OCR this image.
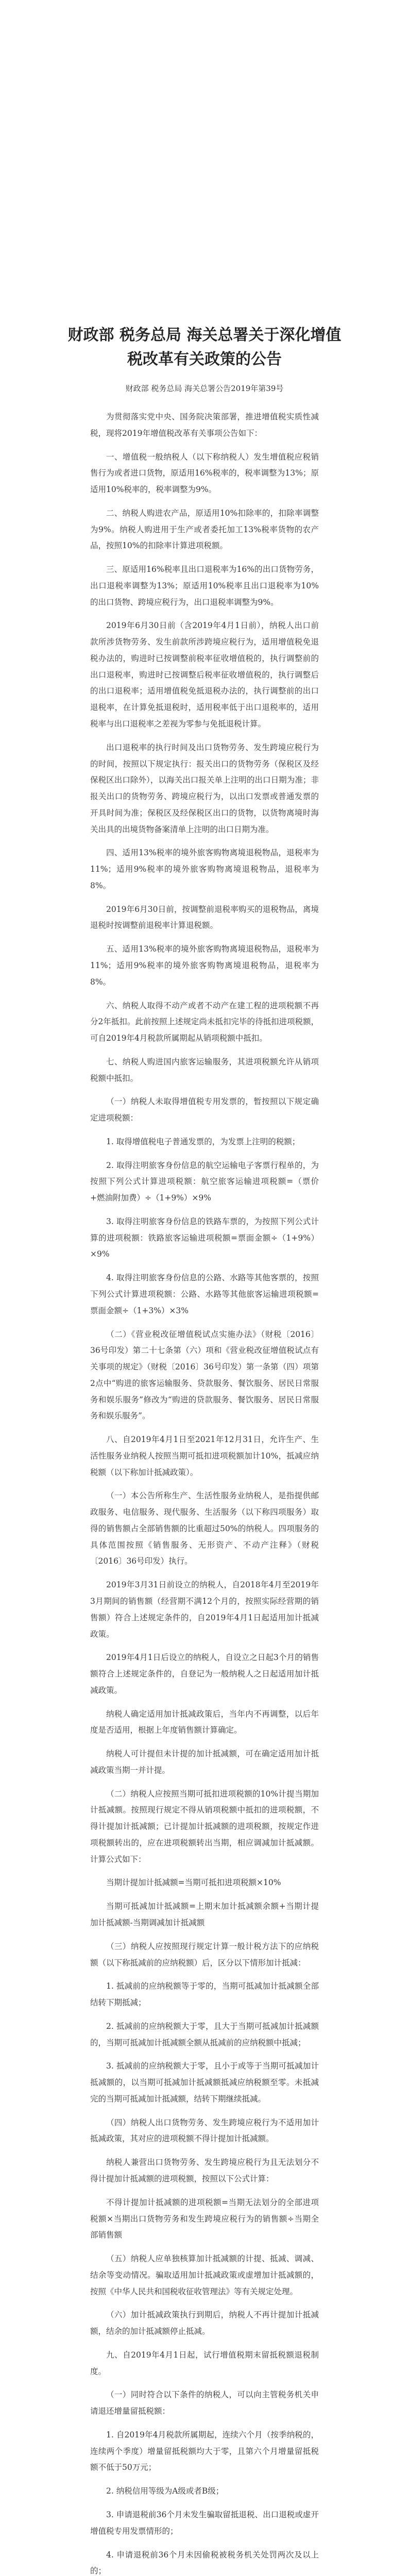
财政部 税务总局 海关总署关于深化增值
税改革有关政策的公告

财政部 税务总局 海关总署公告2019年第39号

为贯彻落实党中央、国务院决策部署，推进增值税实质性减税，现将2019年增值税改革有关事项公告如下：

一、增值税一般纳税人（以下称纳税人）发生增值税应税销售行为或者进口货物，原适用16%税率的，税率调整为13%；原适用10%税率的，税率调整为9%。

二、纳税人购进农产品，原适用10%扣除率的，扣除率调整为9%。纳税人购进用于生产或者委托加工13%税率货物的农产品，按照10%的扣除率计算进项税额。

三、原适用16%税率且出口退税率为16%的出口货物劳务，出口退税率调整为13%；原适用10%税率且出口退税率为10%的出口货物、跨境应税行为，出口退税率调整为9%。

2019年6月30日前（含2019年4月1日前），纳税人出口前款所涉货物劳务、发生前款所涉跨境应税行为，适用增值税免退税办法的，购进时已按调整前税率征收增值税的，执行调整前的出口退税率，购进时已按调整后税率征收增值税的，执行调整后的出口退税率；适用增值税免抵退税办法的，执行调整前的出口退税率，在计算免抵退税时，适用税率低于出口退税率的，适用税率与出口退税率之差视为零参与免抵退税计算。

出口退税率的执行时间及出口货物劳务、发生跨境应税行为的时间，按照以下规定执行：报关出口的货物劳务（保税区及经保税区出口除外），以海关出口报关单上注明的出口日期为准；非报关出口的货物劳务、跨境应税行为，以出口发票或普通发票的开具时间为准；保税区及经保税区出口的货物，以货物离境时海关出具的出境货物备案清单上注明的出口日期为准。

四、适用13%税率的境外旅客购物离境退税物品，退税率为11%；适用9%税率的境外旅客购物离境退税物品，退税率为8%。

2019年6月30日前，按调整前退税率购买的退税物品，离境退税时按调整前退税率计算退税额。

五、适用13%税率的境外旅客购物离境退税物品，退税率为11%；适用9%税率的境外旅客购物离境退税物品，退税率为8%。

六、纳税人取得不动产或者不动产在建工程的进项税额不再分2年抵扣。此前按照上述规定尚未抵扣完毕的待抵扣进项税额，可自2019年4月税款所属期起从销项税额中抵扣。

七、纳税人购进国内旅客运输服务，其进项税额允许从销项税额中抵扣。

（一）纳税人未取得增值税专用发票的，暂按照以下规定确定进项税额：

1. 取得增值税电子普通发票的，为发票上注明的税额；

2. 取得注明旅客身份信息的航空运输电子客票行程单的，为按照下列公式计算进项税额：航空旅客运输进项税额=（票价+燃油附加费）÷（1+9%）×9%

3. 取得注明旅客身份信息的铁路车票的，为按照下列公式计算的进项税额：铁路旅客运输进项税额=票面金额÷（1+9%）×9%

4. 取得注明旅客身份信息的公路、水路等其他客票的，按照下列公式计算进项税额：公路、水路等其他旅客运输进项税额=票面金额÷（1+3%）×3%

（二）《营业税改征增值税试点实施办法》（财税〔2016〕36号印发）第二十七条第（六）项和《营业税改征增值税试点有关事项的规定》（财税〔2016〕36号印发）第一条第（四）项第2点中“购进的旅客运输服务、贷款服务、餐饮服务、居民日常服务和娱乐服务”修改为“购进的贷款服务、餐饮服务、居民日常服务和娱乐服务”。

八、自2019年4月1日至2021年12月31日，允许生产、生活性服务业纳税人按照当期可抵扣进项税额加计10%，抵减应纳税额（以下称加计抵减政策）。

（一）本公告所称生产、生活性服务业纳税人，是指提供邮政服务、电信服务、现代服务、生活服务（以下称四项服务）取得的销售额占全部销售额的比重超过50%的纳税人。四项服务的具体范围按照《销售服务、无形资产、不动产注释》（财税〔2016〕36号印发）执行。

2019年3月31日前设立的纳税人，自2018年4月至2019年3月期间的销售额（经营期不满12个月的，按照实际经营期的销售额）符合上述规定条件的，自2019年4月1日起适用加计抵减政策。

2019年4月1日后设立的纳税人，自设立之日起3个月的销售额符合上述规定条件的，自登记为一般纳税人之日起适用加计抵减政策。

纳税人确定适用加计抵减政策后，当年内不再调整，以后年度是否适用，根据上年度销售额计算确定。

纳税人可计提但未计提的加计抵减额，可在确定适用加计抵减政策当期一并计提。

（二）纳税人应按照当期可抵扣进项税额的10%计提当期加计抵减额。按照现行规定不得从销项税额中抵扣的进项税额，不得计提加计抵减额；已计提加计抵减额的进项税额，按规定作进项税额转出的，应在进项税额转出当期，相应调减加计抵减额。计算公式如下：

当期计提加计抵减额=当期可抵扣进项税额×10%

当期可抵减加计抵减额=上期末加计抵减额余额+当期计提加计抵减额-当期调减加计抵减额

（三）纳税人应按照现行规定计算一般计税方法下的应纳税额（以下称抵减前的应纳税额）后，区分以下情形加计抵减：

1. 抵减前的应纳税额等于零的，当期可抵减加计抵减额全部结转下期抵减；

2. 抵减前的应纳税额大于零，且大于当期可抵减加计抵减额的，当期可抵减加计抵减额全额从抵减前的应纳税额中抵减；

3. 抵减前的应纳税额大于零，且小于或等于当期可抵减加计抵减额的，以当期可抵减加计抵减额抵减应纳税额至零。未抵减完的当期可抵减加计抵减额，结转下期继续抵减。

（四）纳税人出口货物劳务、发生跨境应税行为不适用加计抵减政策，其对应的进项税额不得计提加计抵减额。

纳税人兼营出口货物劳务、发生跨境应税行为且无法划分不得计提加计抵减额的进项税额，按照以下公式计算：

不得计提加计抵减额的进项税额=当期无法划分的全部进项税额×当期出口货物劳务和发生跨境应税行为的销售额÷当期全部销售额

（五）纳税人应单独核算加计抵减额的计提、抵减、调减、结余等变动情况。骗取适用加计抵减政策或虚增加计抵减额的，按照《中华人民共和国税收征收管理法》等有关规定处理。

（六）加计抵减政策执行到期后，纳税人不再计提加计抵减额，结余的加计抵减额停止抵减。

九、自2019年4月1日起，试行增值税期末留抵税额退税制度。

（一）同时符合以下条件的纳税人，可以向主管税务机关申请退还增量留抵税额：

1. 自2019年4月税款所属期起，连续六个月（按季纳税的，连续两个季度）增量留抵税额均大于零，且第六个月增量留抵税额不低于50万元；

2. 纳税信用等级为A级或者B级；

3. 申请退税前36个月未发生骗取留抵退税、出口退税或虚开增值税专用发票情形的；

4. 申请退税前36个月未因偷税被税务机关处罚两次及以上的；
